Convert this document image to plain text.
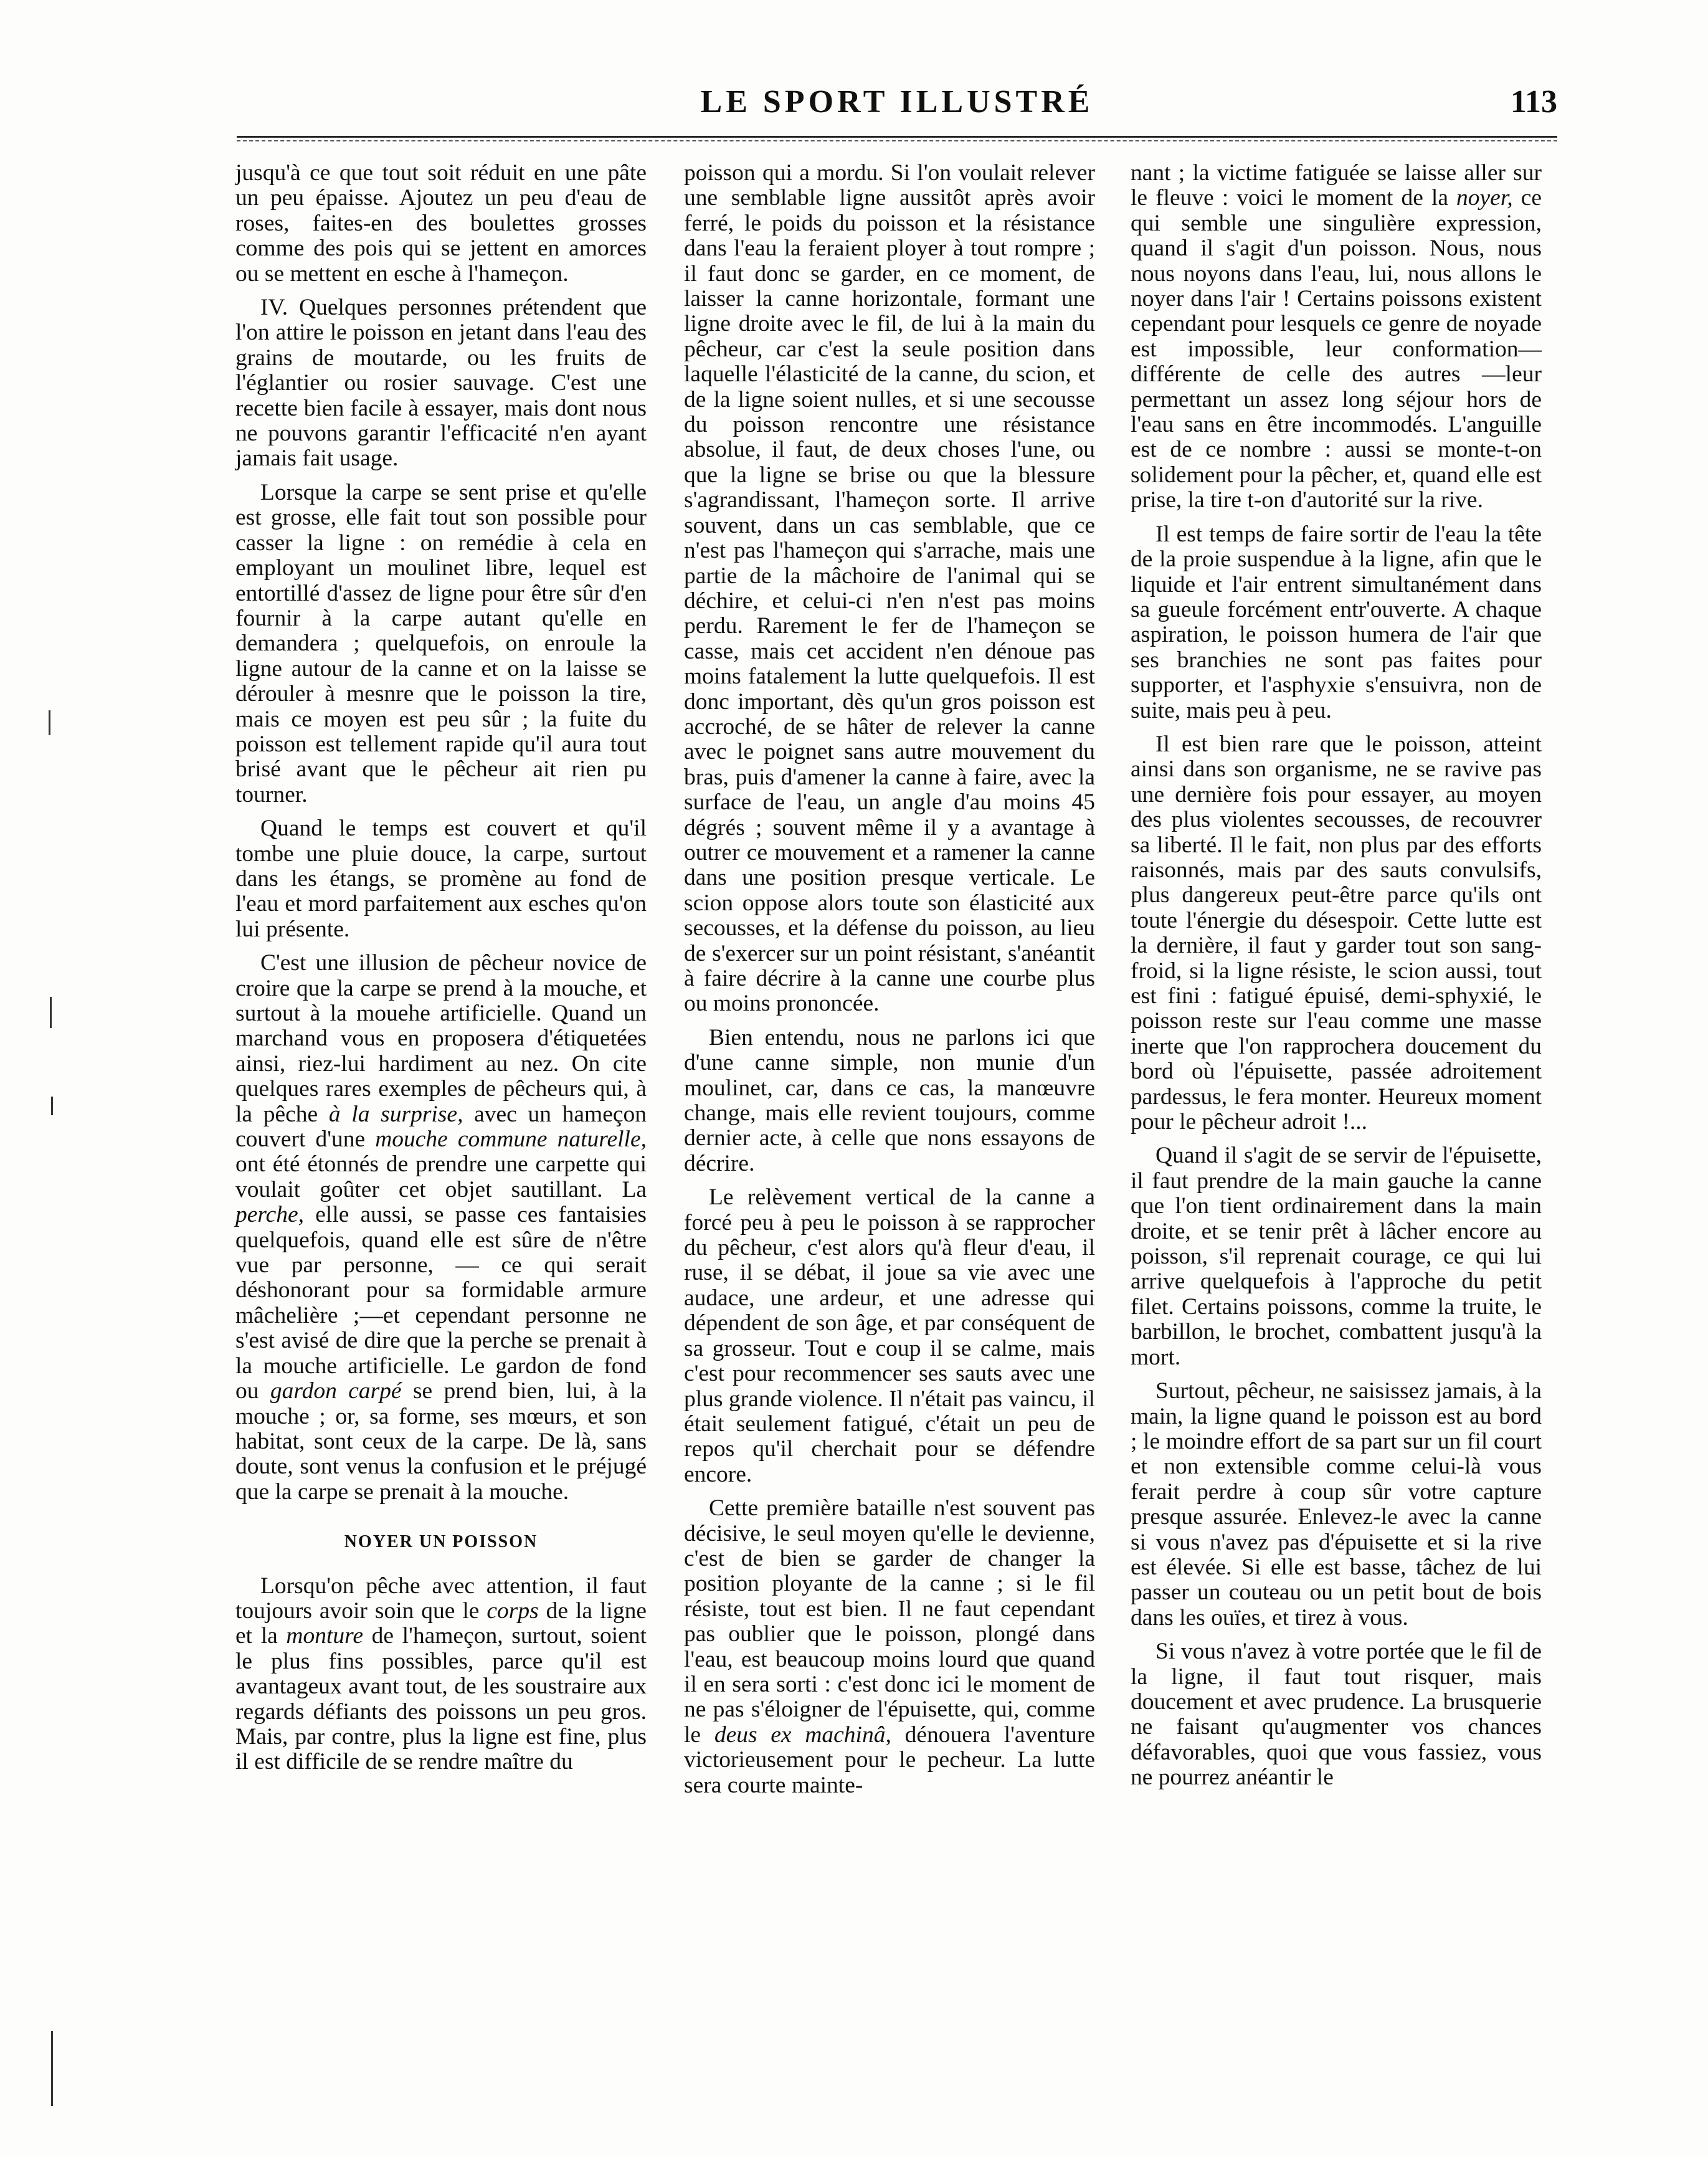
LE SPORT ILLUSTRÉ	113

jusqu'à ce que tout soit réduit en une pâte un peu épaisse. Ajoutez un peu d'eau de roses, faites-en des boulettes grosses comme des pois qui se jettent en amorces ou se mettent en esche à l'hameçon.

IV. Quelques personnes prétendent que l'on attire le poisson en jetant dans l'eau des grains de moutarde, ou les fruits de l'églantier ou rosier sauvage. C'est une recette bien facile à essayer, mais dont nous ne pouvons garantir l'efficacité n'en ayant jamais fait usage.

Lorsque la carpe se sent prise et qu'elle est grosse, elle fait tout son possible pour casser la ligne : on remédie à cela en employant un moulinet libre, lequel est entortillé d'assez de ligne pour être sûr d'en fournir à la carpe autant qu'elle en demandera ; quelquefois, on enroule la ligne autour de la canne et on la laisse se dérouler à mesnre que le poisson la tire, mais ce moyen est peu sûr ; la fuite du poisson est tellement rapide qu'il aura tout brisé avant que le pêcheur ait rien pu tourner.

Quand le temps est couvert et qu'il tombe une pluie douce, la carpe, surtout dans les étangs, se promène au fond de l'eau et mord parfaitement aux esches qu'on lui présente.

C'est une illusion de pêcheur novice de croire que la carpe se prend à la mouche, et surtout à la mouehe artificielle. Quand un marchand vous en proposera d'étiquetées ainsi, riez-lui hardiment au nez. On cite quelques rares exemples de pêcheurs qui, à la pêche à la surprise, avec un hameçon couvert d'une mouche commune naturelle, ont été étonnés de prendre une carpette qui voulait goûter cet objet sautillant. La perche, elle aussi, se passe ces fantaisies quelquefois, quand elle est sûre de n'être vue par personne, — ce qui serait déshonorant pour sa formidable armure mâchelière ;—et cependant personne ne s'est avisé de dire que la perche se prenait à la mouche artificielle. Le gardon de fond ou gardon carpé se prend bien, lui, à la mouche ; or, sa forme, ses mœurs, et son habitat, sont ceux de la carpe. De là, sans doute, sont venus la confusion et le préjugé que la carpe se prenait à la mouche.

NOYER UN POISSON

Lorsqu'on pêche avec attention, il faut toujours avoir soin que le corps de la ligne et la monture de l'hameçon, surtout, soient le plus fins possibles, parce qu'il est avantageux avant tout, de les soustraire aux regards défiants des poissons un peu gros. Mais, par contre, plus la ligne est fine, plus il est difficile de se rendre maître du

poisson qui a mordu. Si l'on voulait relever une semblable ligne aussitôt après avoir ferré, le poids du poisson et la résistance dans l'eau la feraient ployer à tout rompre ; il faut donc se garder, en ce moment, de laisser la canne horizontale, formant une ligne droite avec le fil, de lui à la main du pêcheur, car c'est la seule position dans laquelle l'élasticité de la canne, du scion, et de la ligne soient nulles, et si une secousse du poisson rencontre une résistance absolue, il faut, de deux choses l'une, ou que la ligne se brise ou que la blessure s'agrandissant, l'hameçon sorte. Il arrive souvent, dans un cas semblable, que ce n'est pas l'hameçon qui s'arrache, mais une partie de la mâchoire de l'animal qui se déchire, et celui-ci n'en n'est pas moins perdu. Rarement le fer de l'hameçon se casse, mais cet accident n'en dénoue pas moins fatalement la lutte quelquefois. Il est donc important, dès qu'un gros poisson est accroché, de se hâter de relever la canne avec le poignet sans autre mouvement du bras, puis d'amener la canne à faire, avec la surface de l'eau, un angle d'au moins 45 dégrés ; souvent même il y a avantage à outrer ce mouvement et a ramener la canne dans une position presque verticale. Le scion oppose alors toute son élasticité aux secousses, et la défense du poisson, au lieu de s'exercer sur un point résistant, s'anéantit à faire décrire à la canne une courbe plus ou moins prononcée.

Bien entendu, nous ne parlons ici que d'une canne simple, non munie d'un moulinet, car, dans ce cas, la manœuvre change, mais elle revient toujours, comme dernier acte, à celle que nons essayons de décrire.

Le relèvement vertical de la canne a forcé peu à peu le poisson à se rapprocher du pêcheur, c'est alors qu'à fleur d'eau, il ruse, il se débat, il joue sa vie avec une audace, une ardeur, et une adresse qui dépendent de son âge, et par conséquent de sa grosseur. Tout e coup il se calme, mais c'est pour recommencer ses sauts avec une plus grande violence. Il n'était pas vaincu, il était seulement fatigué, c'était un peu de repos qu'il cherchait pour se défendre encore.

Cette première bataille n'est souvent pas décisive, le seul moyen qu'elle le devienne, c'est de bien se garder de changer la position ployante de la canne ; si le fil résiste, tout est bien. Il ne faut cependant pas oublier que le poisson, plongé dans l'eau, est beaucoup moins lourd que quand il en sera sorti : c'est donc ici le moment de ne pas s'éloigner de l'épuisette, qui, comme le deus ex machinâ, dénouera l'aventure victorieusement pour le pecheur. La lutte sera courte mainte-

nant ; la victime fatiguée se laisse aller sur le fleuve : voici le moment de la noyer, ce qui semble une singulière expression, quand il s'agit d'un poisson. Nous, nous nous noyons dans l'eau, lui, nous allons le noyer dans l'air ! Certains poissons existent cependant pour lesquels ce genre de noyade est impossible, leur conformation—différente de celle des autres —leur permettant un assez long séjour hors de l'eau sans en être incommodés. L'anguille est de ce nombre : aussi se monte-t-on solidement pour la pêcher, et, quand elle est prise, la tire t-on d'autorité sur la rive.

Il est temps de faire sortir de l'eau la tête de la proie suspendue à la ligne, afin que le liquide et l'air entrent simultanément dans sa gueule forcément entr'ouverte. A chaque aspiration, le poisson humera de l'air que ses branchies ne sont pas faites pour supporter, et l'asphyxie s'ensuivra, non de suite, mais peu à peu.

Il est bien rare que le poisson, atteint ainsi dans son organisme, ne se ravive pas une dernière fois pour essayer, au moyen des plus violentes secousses, de recouvrer sa liberté. Il le fait, non plus par des efforts raisonnés, mais par des sauts convulsifs, plus dangereux peut-être parce qu'ils ont toute l'énergie du désespoir. Cette lutte est la dernière, il faut y garder tout son sang-froid, si la ligne résiste, le scion aussi, tout est fini : fatigué épuisé, demi-sphyxié, le poisson reste sur l'eau comme une masse inerte que l'on rapprochera doucement du bord où l'épuisette, passée adroitement pardessus, le fera monter. Heureux moment pour le pêcheur adroit !...

Quand il s'agit de se servir de l'épuisette, il faut prendre de la main gauche la canne que l'on tient ordinairement dans la main droite, et se tenir prêt à lâcher encore au poisson, s'il reprenait courage, ce qui lui arrive quelquefois à l'approche du petit filet. Certains poissons, comme la truite, le barbillon, le brochet, combattent jusqu'à la mort.

Surtout, pêcheur, ne saisissez jamais, à la main, la ligne quand le poisson est au bord ; le moindre effort de sa part sur un fil court et non extensible comme celui-là vous ferait perdre à coup sûr votre capture presque assurée. Enlevez-le avec la canne si vous n'avez pas d'épuisette et si la rive est élevée. Si elle est basse, tâchez de lui passer un couteau ou un petit bout de bois dans les ouïes, et tirez à vous.

Si vous n'avez à votre portée que le fil de la ligne, il faut tout risquer, mais doucement et avec prudence. La brusquerie ne faisant qu'augmenter vos chances défavorables, quoi que vous fassiez, vous ne pourrez anéantir le
